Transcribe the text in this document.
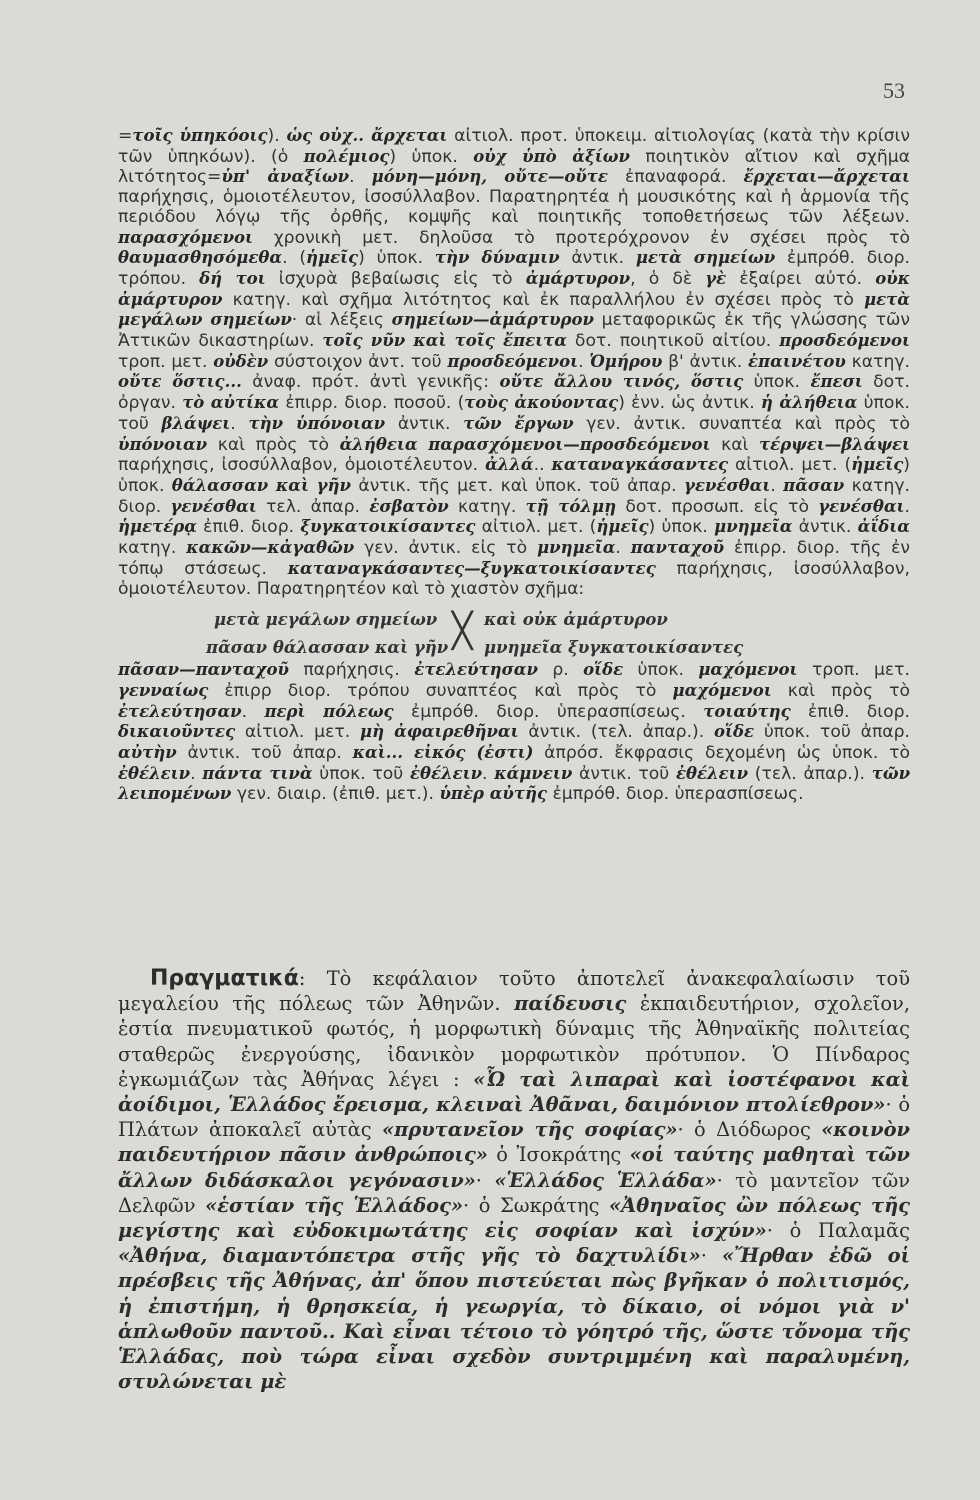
53

=τοῖς ὑπηκόοις). ὡς οὐχ.. ἄρχεται αἰτιολ. προτ. ὑποκειμ. αἰτιολογίας (κατὰ τὴν κρίσιν τῶν ὑπηκόων). (ὁ πολέμιος) ὑποκ. οὐχ ὑπὸ ἀξίων ποιητικὸν αἴτιον καὶ σχῆμα λιτότητος=ὑπ' ἀναξίων. μόνη—μόνη, οὔτε—οὔτε ἐπαναφορά. ἔρχεται—ἄρχεται παρήχησις, ὁμοιοτέλευτον, ἰσοσύλλαβον. Παρατηρητέα ἡ μουσικότης καὶ ἡ ἁρμονία τῆς περιόδου λόγῳ τῆς ὀρθῆς, κομψῆς καὶ ποιητικῆς τοποθετήσεως τῶν λέξεων. παρασχόμενοι χρονικὴ μετ. δηλοῦσα τὸ προτερόχρονον ἐν σχέσει πρὸς τὸ θαυμασθησόμεθα. (ἡμεῖς) ὑποκ. τὴν δύναμιν ἀντικ. μετὰ σημείων ἐμπρόθ. διορ. τρόπου. δή τοι ἰσχυρὰ βεβαίωσις εἰς τὸ ἀμάρτυρον, ὁ δὲ γὲ ἐξαίρει αὐτό. οὐκ ἀμάρτυρον κατηγ. καὶ σχῆμα λιτότητος καὶ ἐκ παραλλήλου ἐν σχέσει πρὸς τὸ μετὰ μεγάλων σημείων· αἱ λέξεις σημείων—ἀμάρτυρον μεταφορικῶς ἐκ τῆς γλώσσης τῶν Ἀττικῶν δικαστηρίων. τοῖς νῦν καὶ τοῖς ἔπειτα δοτ. ποιητικοῦ αἰτίου. προσδεόμενοι τροπ. μετ. οὐδὲν σύστοιχον ἀντ. τοῦ προσδεόμενοι. Ὁμήρου β' ἀντικ. ἐπαινέτου κατηγ. οὔτε ὅστις... ἀναφ. πρότ. ἀντὶ γενικῆς: οὔτε ἄλλου τινός, ὅστις ὑποκ. ἔπεσι δοτ. ὀργαν. τὸ αὐτίκα ἐπιρρ. διορ. ποσοῦ. (τοὺς ἀκούοντας) ἐνν. ὡς ἀντικ. ἡ ἀλήθεια ὑποκ. τοῦ βλάψει. τὴν ὑπόνοιαν ἀντικ. τῶν ἔργων γεν. ἀντικ. συναπτέα καὶ πρὸς τὸ ὑπόνοιαν καὶ πρὸς τὸ ἀλήθεια παρασχόμενοι—προσδεόμενοι καὶ τέρψει—βλάψει παρήχησις, ἰσοσύλλαβον, ὁμοιοτέλευτον. ἀλλά.. καταναγκάσαντες αἰτιολ. μετ. (ἡμεῖς) ὑποκ. θάλασσαν καὶ γῆν ἀντικ. τῆς μετ. καὶ ὑποκ. τοῦ ἀπαρ. γενέσθαι. πᾶσαν κατηγ. διορ. γενέσθαι τελ. ἀπαρ. ἐσβατὸν κατηγ. τῇ τόλμῃ δοτ. προσωπ. εἰς τὸ γενέσθαι. ἡμετέρᾳ ἐπιθ. διορ. ξυγκατοικίσαντες αἰτιολ. μετ. (ἡμεῖς) ὑποκ. μνημεῖα ἀντικ. ἀΐδια κατηγ. κακῶν—κἀγαθῶν γεν. ἀντικ. εἰς τὸ μνημεῖα. πανταχοῦ ἐπιρρ. διορ. τῆς ἐν τόπῳ στάσεως. καταναγκάσαντες—ξυγκατοικίσαντες παρήχησις, ἰσοσύλλαβον, ὁμοιοτέλευτον. Παρατηρητέον καὶ τὸ χιαστὸν σχῆμα:

μετὰ μεγάλων σημείων ╳ καὶ οὐκ ἀμάρτυρον
πᾶσαν θάλασσαν καὶ γῆν μνημεῖα ξυγκατοικίσαντες

πᾶσαν—πανταχοῦ παρήχησις. ἐτελεύτησαν ρ. οἵδε ὑποκ. μαχόμενοι τροπ. μετ. γενναίως ἐπιρρ διορ. τρόπου συναπτέος καὶ πρὸς τὸ μαχόμενοι καὶ πρὸς τὸ ἐτελεύτησαν. περὶ πόλεως ἐμπρόθ. διορ. ὑπερασπίσεως. τοιαύτης ἐπιθ. διορ. δικαιοῦντες αἰτιολ. μετ. μὴ ἀφαιρεθῆναι ἀντικ. (τελ. ἀπαρ.). οἵδε ὑποκ. τοῦ ἀπαρ. αὐτὴν ἀντικ. τοῦ ἀπαρ. καὶ... εἰκός (ἐστι) ἀπρόσ. ἔκφρασις δεχομένη ὡς ὑποκ. τὸ ἐθέλειν. πάντα τινὰ ὑποκ. τοῦ ἐθέλειν. κάμνειν ἀντικ. τοῦ ἐθέλειν (τελ. ἀπαρ.). τῶν λειπομένων γεν. διαιρ. (ἐπιθ. μετ.). ὑπὲρ αὐτῆς ἐμπρόθ. διορ. ὑπερασπίσεως.

Πραγματικά: Τὸ κεφάλαιον τοῦτο ἀποτελεῖ ἀνακεφαλαίωσιν τοῦ μεγαλείου τῆς πόλεως τῶν Ἀθηνῶν. παίδευσις ἐκπαιδευτήριον, σχολεῖον, ἑστία πνευματικοῦ φωτός, ἡ μορφωτικὴ δύναμις τῆς Ἀθηναϊκῆς πολιτείας σταθερῶς ἐνεργούσης, ἰδανικὸν μορφωτικὸν πρότυπον. Ὁ Πίνδαρος ἐγκωμιάζων τὰς Ἀθήνας λέγει : «Ὦ ταὶ λιπαραὶ καὶ ἰοστέφανοι καὶ ἀοίδιμοι, Ἑλλάδος ἔρεισμα, κλειναὶ Ἀθᾶναι, δαιμόνιον πτολίεθρον»· ὁ Πλάτων ἀποκαλεῖ αὐτὰς «πρυτανεῖον τῆς σοφίας»· ὁ Διόδωρος «κοινὸν παιδευτήριον πᾶσιν ἀνθρώποις» ὁ Ἰσοκράτης «οἱ ταύτης μαθηταὶ τῶν ἄλλων διδάσκαλοι γεγόνασιν»· «Ἑλλάδος Ἑλλάδα»· τὸ μαντεῖον τῶν Δελφῶν «ἑστίαν τῆς Ἑλλάδος»· ὁ Σωκράτης «Ἀθηναῖος ὢν πόλεως τῆς μεγίστης καὶ εὐδοκιμωτάτης εἰς σοφίαν καὶ ἰσχύν»· ὁ Παλαμᾶς «Ἀθήνα, διαμαντόπετρα στῆς γῆς τὸ δαχτυλίδι»· «Ἤρθαν ἐδῶ οἱ πρέσβεις τῆς Ἀθήνας, ἀπ' ὅπου πιστεύεται πὼς βγῆκαν ὁ πολιτισμός, ἡ ἐπιστήμη, ἡ θρησκεία, ἡ γεωργία, τὸ δίκαιο, οἱ νόμοι γιὰ ν' ἁπλωθοῦν παντοῦ.. Καὶ εἶναι τέτοιο τὸ γόητρό τῆς, ὥστε τὄνομα τῆς Ἑλλάδας, ποὺ τώρα εἶναι σχεδὸν συντριμμένη καὶ παραλυμένη, στυλώνεται μὲ
